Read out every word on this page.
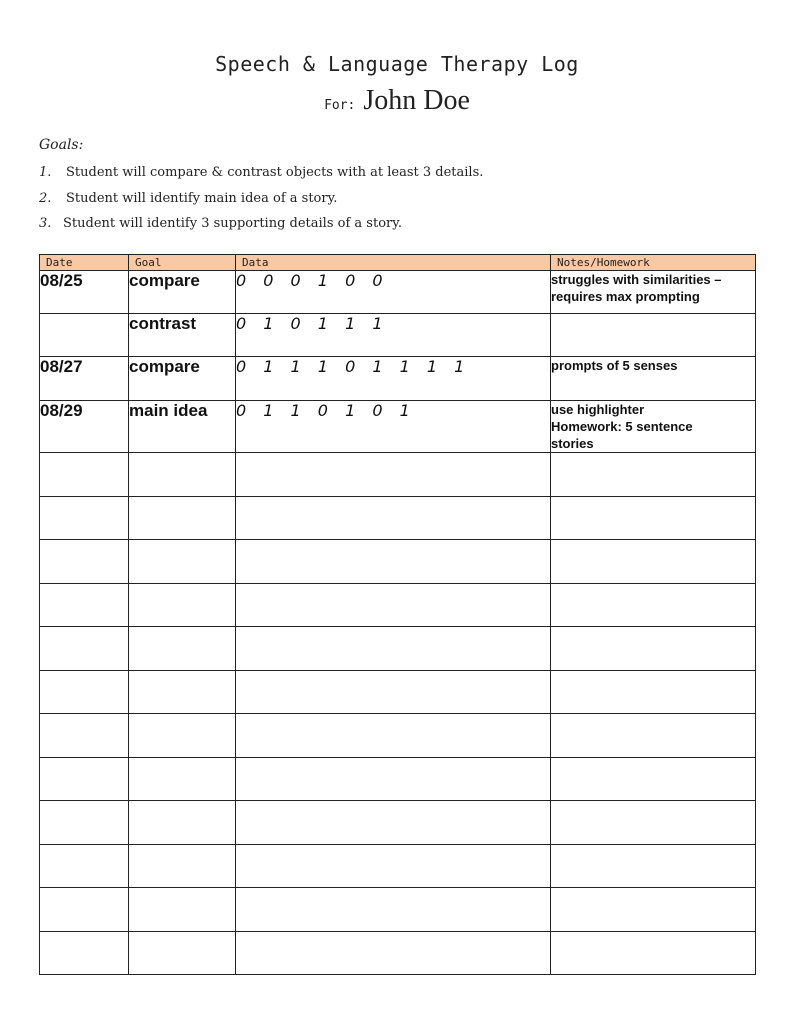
Speech & Language Therapy Log
For: John Doe
Goals:
1. Student will compare & contrast objects with at least 3 details.
2. Student will identify main idea of a story.
3. Student will identify 3 supporting details of a story.
Date	Goal	Data	Notes/Homework
08/25	compare	0 0 0 1 0 0	struggles with similarities –
requires max prompting

	contrast	0 1 0 1 1 1	
08/27	compare	0 1 1 1 0 1 1 1 1	prompts of 5 senses

08/29	main idea	0 1 1 0 1 0 1	use highlighter
Homework: 5 sentence
stories
